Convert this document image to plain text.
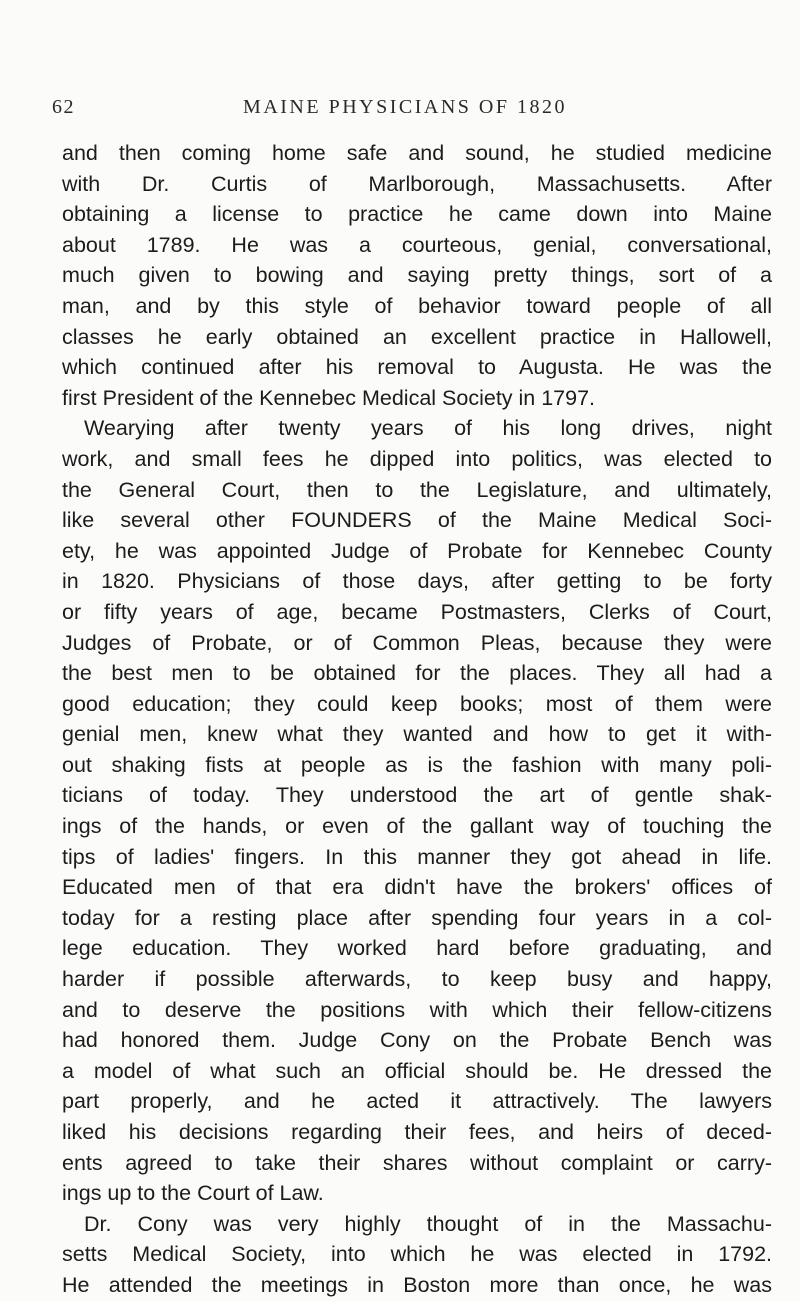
62	MAINE PHYSICIANS OF 1820
and then coming home safe and sound, he studied medicine
with Dr. Curtis of Marlborough, Massachusetts. After
obtaining a license to practice he came down into Maine
about 1789. He was a courteous, genial, conversational,
much given to bowing and saying pretty things, sort of a
man, and by this style of behavior toward people of all
classes he early obtained an excellent practice in Hallowell,
which continued after his removal to Augusta. He was the
first President of the Kennebec Medical Society in 1797.
Wearying after twenty years of his long drives, night
work, and small fees he dipped into politics, was elected to
the General Court, then to the Legislature, and ultimately,
like several other FOUNDERS of the Maine Medical Soci-
ety, he was appointed Judge of Probate for Kennebec County
in 1820. Physicians of those days, after getting to be forty
or fifty years of age, became Postmasters, Clerks of Court,
Judges of Probate, or of Common Pleas, because they were
the best men to be obtained for the places. They all had a
good education; they could keep books; most of them were
genial men, knew what they wanted and how to get it with-
out shaking fists at people as is the fashion with many poli-
ticians of today. They understood the art of gentle shak-
ings of the hands, or even of the gallant way of touching the
tips of ladies' fingers. In this manner they got ahead in life.
Educated men of that era didn't have the brokers' offices of
today for a resting place after spending four years in a col-
lege education. They worked hard before graduating, and
harder if possible afterwards, to keep busy and happy,
and to deserve the positions with which their fellow-citizens
had honored them. Judge Cony on the Probate Bench was
a model of what such an official should be. He dressed the
part properly, and he acted it attractively. The lawyers
liked his decisions regarding their fees, and heirs of deced-
ents agreed to take their shares without complaint or carry-
ings up to the Court of Law.
Dr. Cony was very highly thought of in the Massachu-
setts Medical Society, into which he was elected in 1792.
He attended the meetings in Boston more than once, he was
